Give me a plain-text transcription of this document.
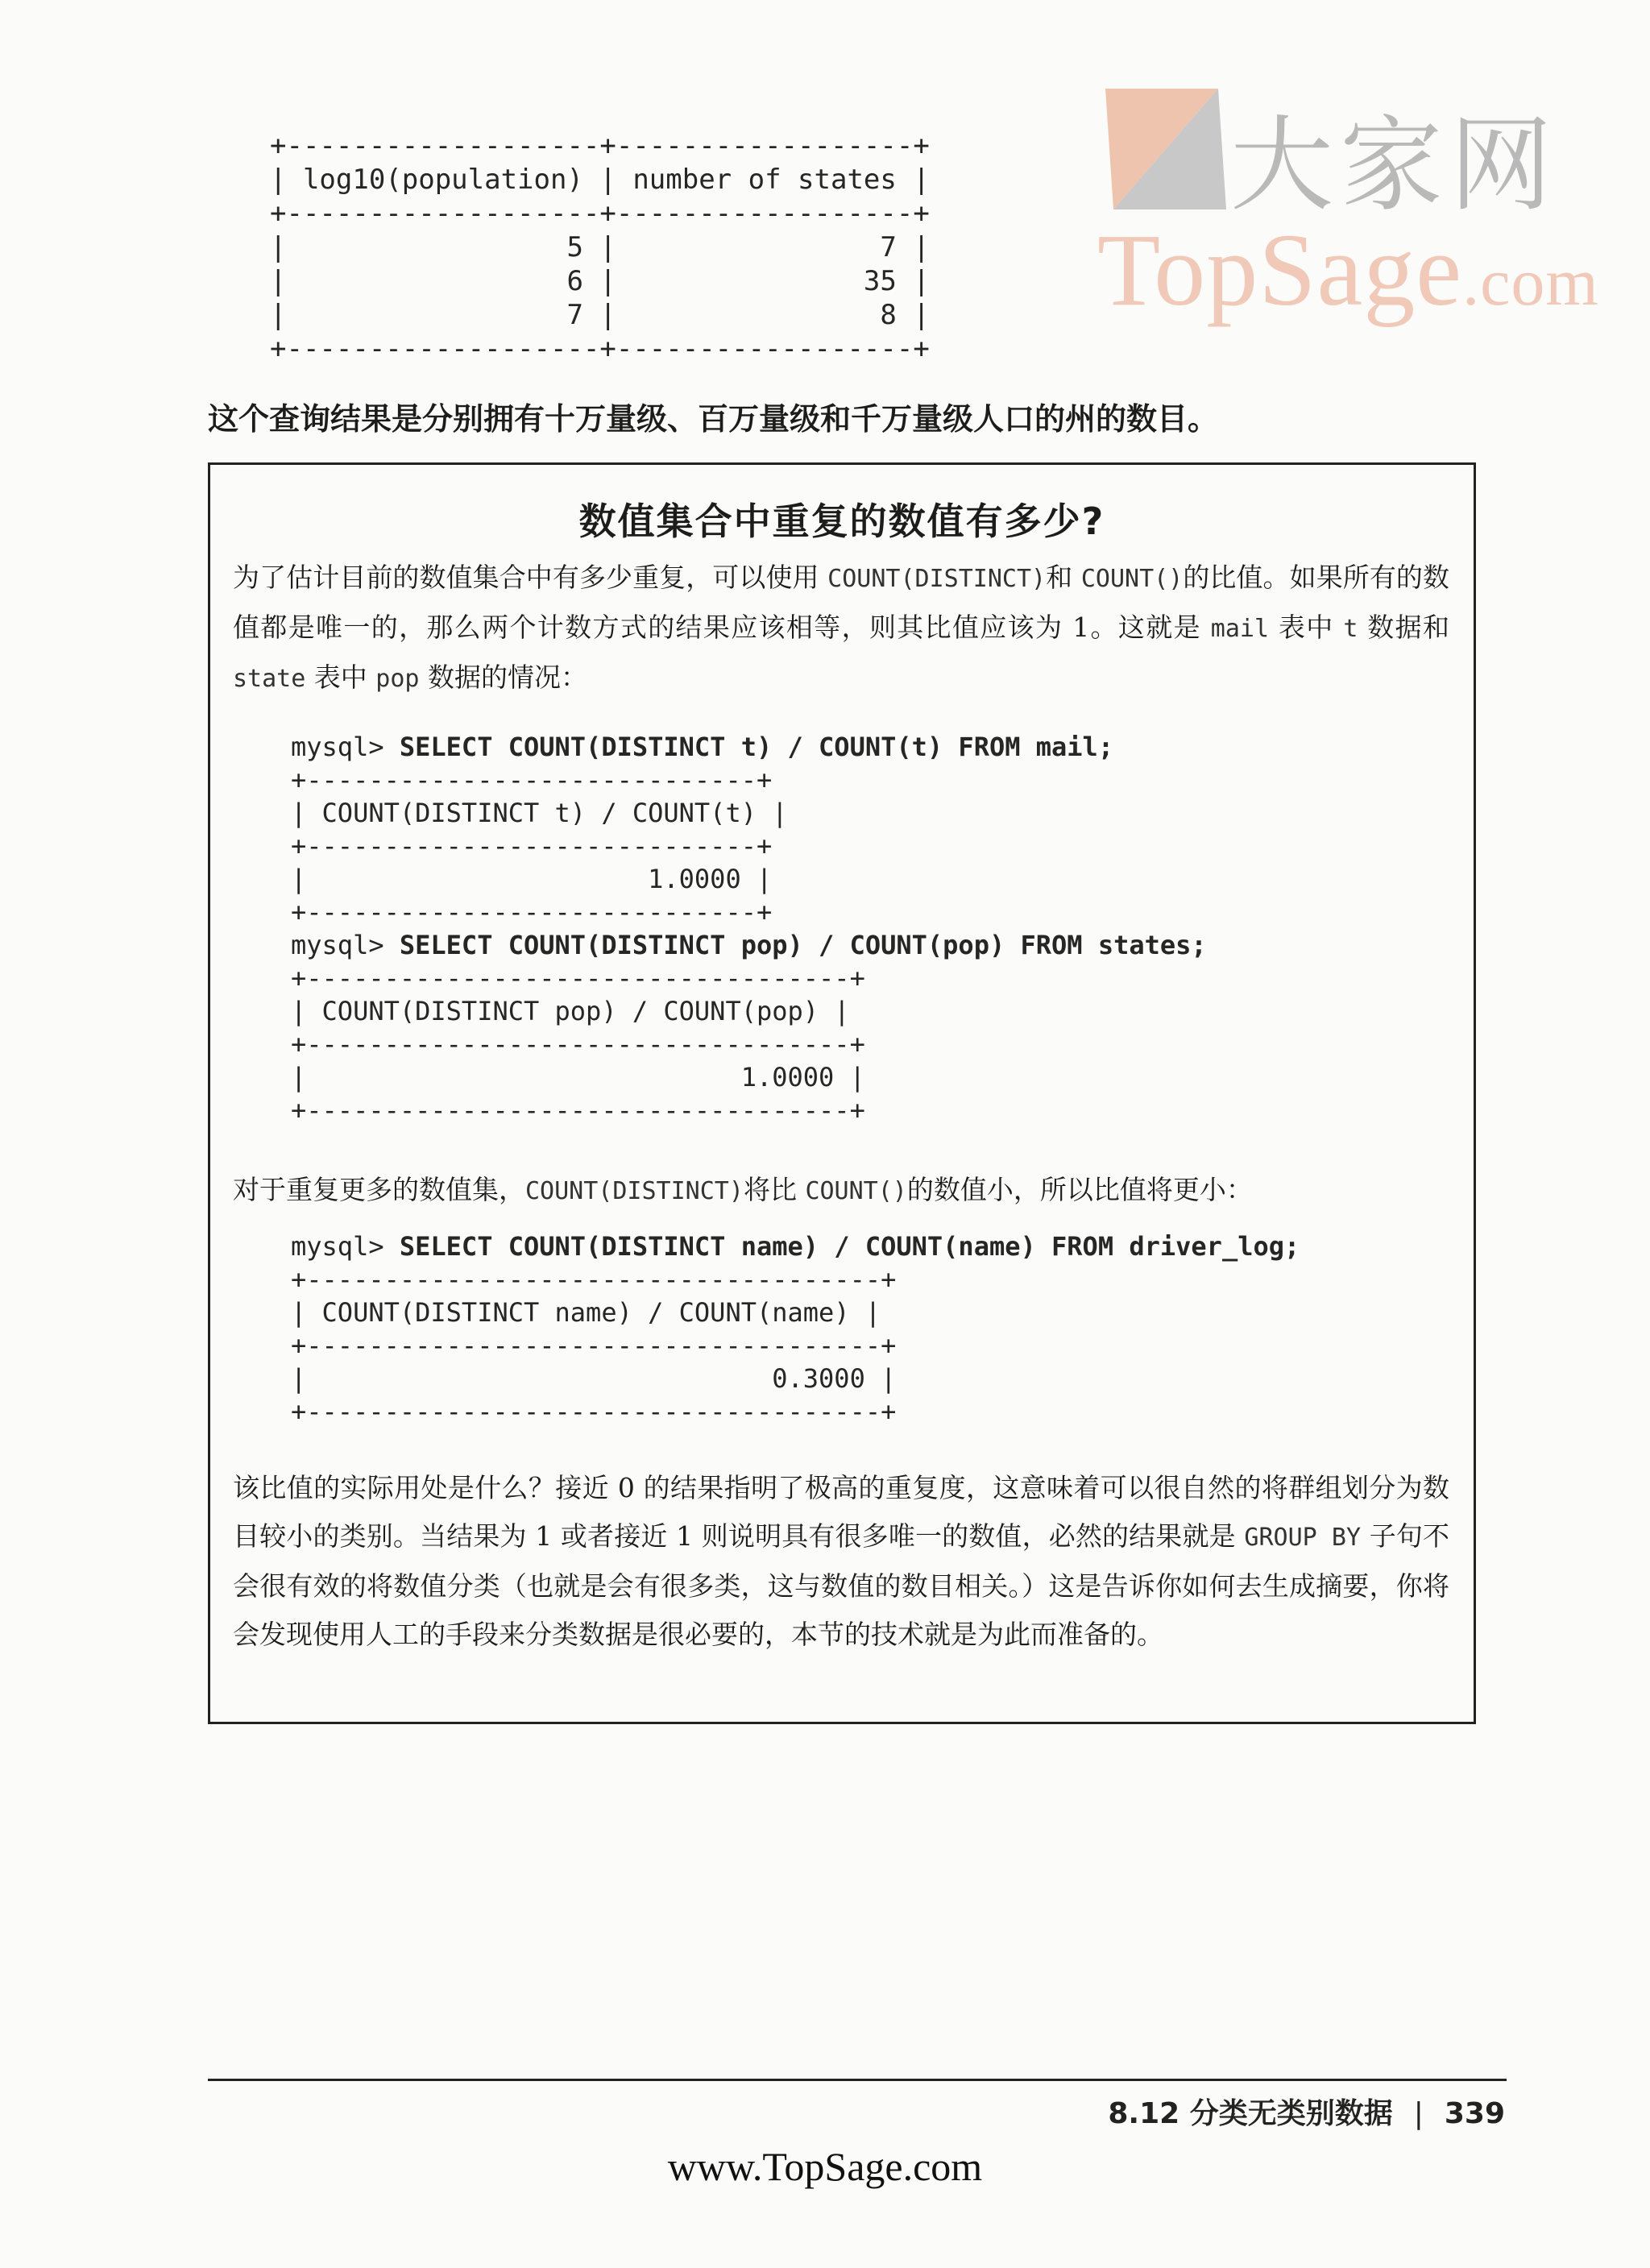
大家网
TopSage.com
+-------------------+------------------+
| log10(population) | number of states |
+-------------------+------------------+
|                 5 |                7 |
|                 6 |               35 |
|                 7 |                8 |
+-------------------+------------------+
这个查询结果是分别拥有十万量级、百万量级和千万量级人口的州的数目。
数值集合中重复的数值有多少?
为了估计目前的数值集合中有多少重复，可以使用 COUNT(DISTINCT)和 COUNT()的比值。如果所有的数值都是唯一的，那么两个计数方式的结果应该相等，则其比值应该为 1。这就是 mail 表中 t 数据和 state 表中 pop 数据的情况：
mysql> SELECT COUNT(DISTINCT t) / COUNT(t) FROM mail;
+-----------------------------+
| COUNT(DISTINCT t) / COUNT(t) |
+-----------------------------+
|                      1.0000 |
+-----------------------------+
mysql> SELECT COUNT(DISTINCT pop) / COUNT(pop) FROM states;
+-----------------------------------+
| COUNT(DISTINCT pop) / COUNT(pop) |
+-----------------------------------+
|                            1.0000 |
+-----------------------------------+
对于重复更多的数值集，COUNT(DISTINCT)将比 COUNT()的数值小，所以比值将更小：
mysql> SELECT COUNT(DISTINCT name) / COUNT(name) FROM driver_log;
+-------------------------------------+
| COUNT(DISTINCT name) / COUNT(name) |
+-------------------------------------+
|                              0.3000 |
+-------------------------------------+
该比值的实际用处是什么？接近 0 的结果指明了极高的重复度，这意味着可以很自然的将群组划分为数目较小的类别。当结果为 1 或者接近 1 则说明具有很多唯一的数值，必然的结果就是 GROUP BY 子句不会很有效的将数值分类（也就是会有很多类，这与数值的数目相关。）这是告诉你如何去生成摘要，你将会发现使用人工的手段来分类数据是很必要的，本节的技术就是为此而准备的。
8.12 分类无类别数据 | 339
www.TopSage.com
